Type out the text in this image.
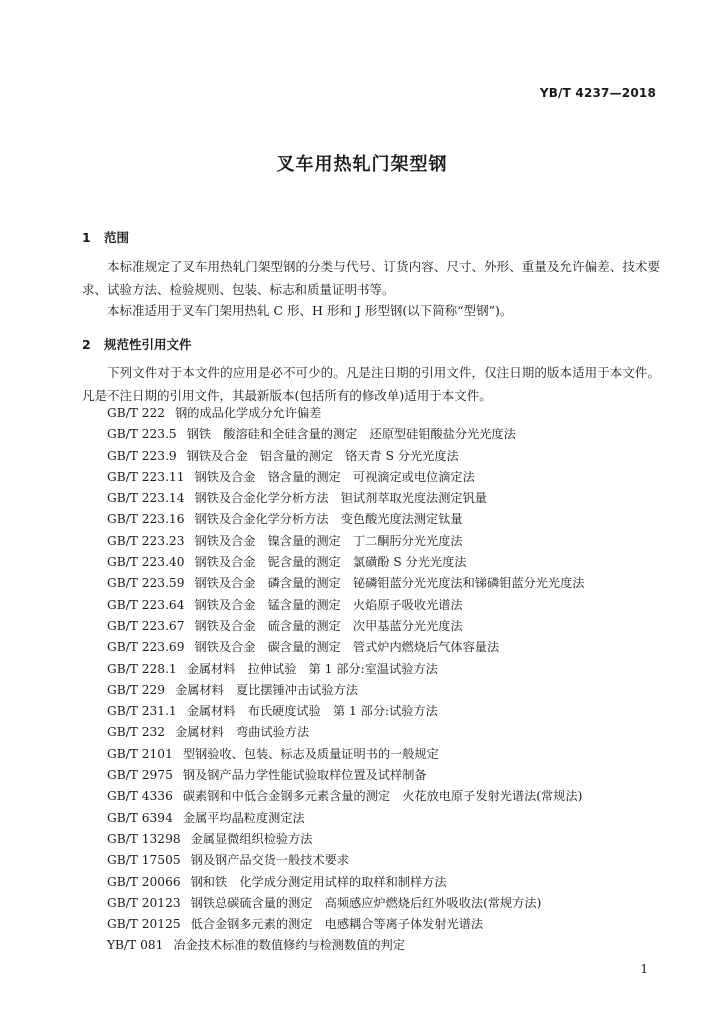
YB/T 4237—2018
叉车用热轧门架型钢
1 范围
本标准规定了叉车用热轧门架型钢的分类与代号、订货内容、尺寸、外形、重量及允许偏差、技术要求、试验方法、检验规则、包装、标志和质量证明书等。
本标准适用于叉车门架用热轧 C 形、H 形和 J 形型钢(以下简称“型钢”)。
2 规范性引用文件
下列文件对于本文件的应用是必不可少的。凡是注日期的引用文件，仅注日期的版本适用于本文件。凡是不注日期的引用文件，其最新版本(包括所有的修改单)适用于本文件。
GB/T 222 钢的成品化学成分允许偏差
GB/T 223.5 钢铁　酸溶硅和全硅含量的测定　还原型硅钼酸盐分光光度法
GB/T 223.9 钢铁及合金　铝含量的测定　铬天青 S 分光光度法
GB/T 223.11 钢铁及合金　铬含量的测定　可视滴定或电位滴定法
GB/T 223.14 钢铁及合金化学分析方法　钽试剂萃取光度法测定钒量
GB/T 223.16 钢铁及合金化学分析方法　变色酸光度法测定钛量
GB/T 223.23 钢铁及合金　镍含量的测定　丁二酮肟分光光度法
GB/T 223.40 钢铁及合金　铌含量的测定　氯磺酚 S 分光光度法
GB/T 223.59 钢铁及合金　磷含量的测定　铋磷钼蓝分光光度法和锑磷钼蓝分光光度法
GB/T 223.64 钢铁及合金　锰含量的测定　火焰原子吸收光谱法
GB/T 223.67 钢铁及合金　硫含量的测定　次甲基蓝分光光度法
GB/T 223.69 钢铁及合金　碳含量的测定　管式炉内燃烧后气体容量法
GB/T 228.1 金属材料　拉伸试验　第 1 部分:室温试验方法
GB/T 229 金属材料　夏比摆锤冲击试验方法
GB/T 231.1 金属材料　布氏硬度试验　第 1 部分:试验方法
GB/T 232 金属材料　弯曲试验方法
GB/T 2101 型钢验收、包装、标志及质量证明书的一般规定
GB/T 2975 钢及钢产品力学性能试验取样位置及试样制备
GB/T 4336 碳素钢和中低合金钢多元素含量的测定　火花放电原子发射光谱法(常规法)
GB/T 6394 金属平均晶粒度测定法
GB/T 13298 金属显微组织检验方法
GB/T 17505 钢及钢产品交货一般技术要求
GB/T 20066 钢和铁　化学成分测定用试样的取样和制样方法
GB/T 20123 钢铁总碳硫含量的测定　高频感应炉燃烧后红外吸收法(常规方法)
GB/T 20125 低合金钢多元素的测定　电感耦合等离子体发射光谱法
YB/T 081 冶金技术标准的数值修约与检测数值的判定
1
